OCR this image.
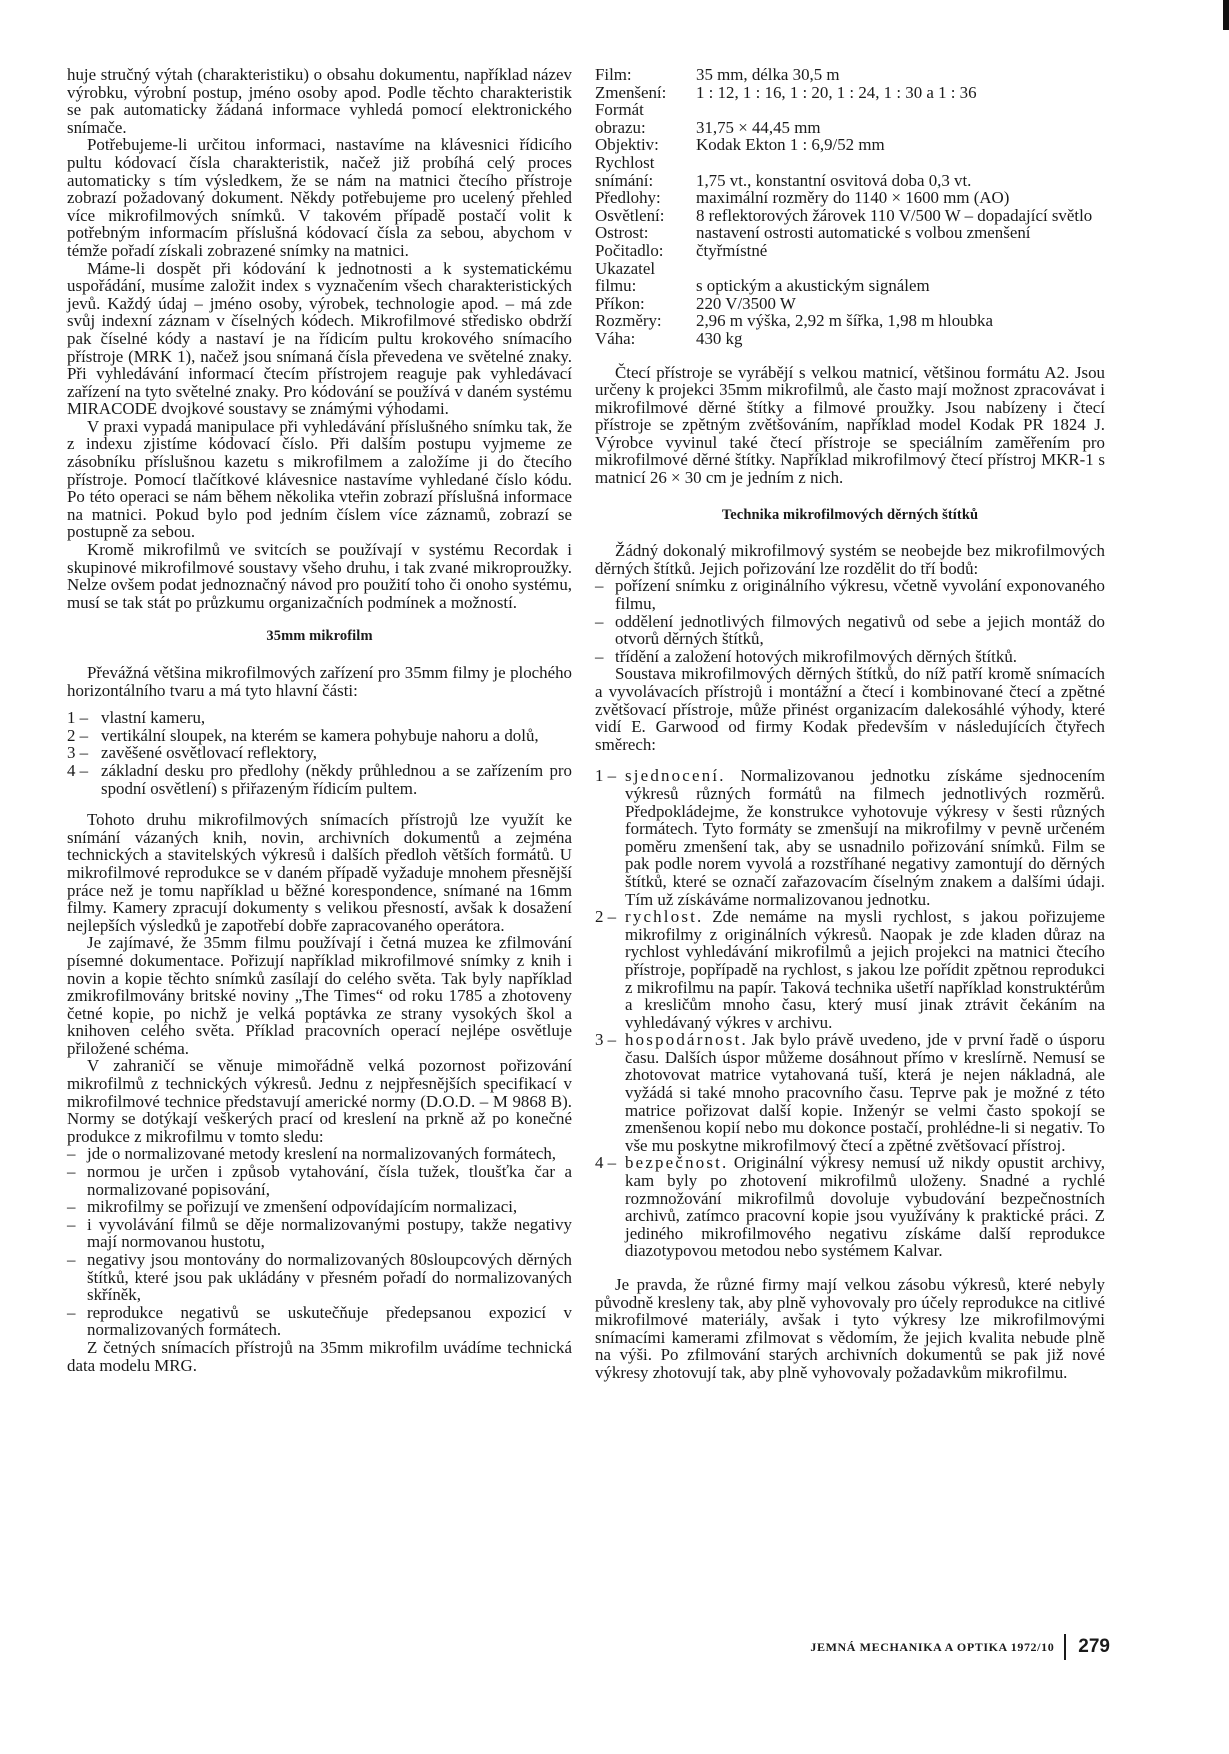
huje stručný výtah (charakteristiku) o obsahu dokumentu, například název výrobku, výrobní postup, jméno osoby apod. Podle těchto charakteristik se pak automaticky žádaná informace vyhledá pomocí elektronického snímače.

Potřebujeme-li určitou informaci, nastavíme na klávesnici řídicího pultu kódovací čísla charakteristik, načež již probíhá celý proces automaticky s tím výsledkem, že se nám na matnici čtecího přístroje zobrazí požadovaný dokument. Někdy potřebujeme pro ucelený přehled více mikrofilmových snímků. V takovém případě postačí volit k potřebným informacím příslušná kódovací čísla za sebou, abychom v témže pořadí získali zobrazené snímky na matnici.

Máme-li dospět při kódování k jednotnosti a k systematickému uspořádání, musíme založit index s vyznačením všech charakteristických jevů. Každý údaj – jméno osoby, výrobek, technologie apod. – má zde svůj indexní záznam v číselných kódech. Mikrofilmové středisko obdrží pak číselné kódy a nastaví je na řídicím pultu krokového snímacího přístroje (MRK 1), načež jsou snímaná čísla převedena ve světelné znaky. Při vyhledávání informací čtecím přístrojem reaguje pak vyhledávací zařízení na tyto světelné znaky. Pro kódování se používá v daném systému MIRACODE dvojkové soustavy se známými výhodami.

V praxi vypadá manipulace při vyhledávání příslušného snímku tak, že z indexu zjistíme kódovací číslo. Při dalším postupu vyjmeme ze zásobníku příslušnou kazetu s mikrofilmem a založíme ji do čtecího přístroje. Pomocí tlačítkové klávesnice nastavíme vyhledané číslo kódu. Po této operaci se nám během několika vteřin zobrazí příslušná informace na matnici. Pokud bylo pod jedním číslem více záznamů, zobrazí se postupně za sebou.

Kromě mikrofilmů ve svitcích se používají v systému Recordak i skupinové mikrofilmové soustavy všeho druhu, i tak zvané mikroproužky. Nelze ovšem podat jednoznačný návod pro použití toho či onoho systému, musí se tak stát po průzkumu organizačních podmínek a možností.

35mm mikrofilm

Převážná většina mikrofilmových zařízení pro 35mm filmy je plochého horizontálního tvaru a má tyto hlavní části:

1 – vlastní kameru,
2 – vertikální sloupek, na kterém se kamera pohybuje nahoru a dolů,
3 – zavěšené osvětlovací reflektory,
4 – základní desku pro předlohy (někdy průhlednou a se zařízením pro spodní osvětlení) s přiřazeným řídicím pultem.

Tohoto druhu mikrofilmových snímacích přístrojů lze využít ke snímání vázaných knih, novin, archivních dokumentů a zejména technických a stavitelských výkresů i dalších předloh větších formátů. U mikrofilmové reprodukce se v daném případě vyžaduje mnohem přesnější práce než je tomu například u běžné korespondence, snímané na 16mm filmy. Kamery zpracují dokumenty s velikou přesností, avšak k dosažení nejlepších výsledků je zapotřebí dobře zapracovaného operátora.

Je zajímavé, že 35mm filmu používají i četná muzea ke zfilmování písemné dokumentace. Pořizují například mikrofilmové snímky z knih i novin a kopie těchto snímků zasílají do celého světa. Tak byly například zmikrofilmovány britské noviny „The Times“ od roku 1785 a zhotoveny četné kopie, po nichž je velká poptávka ze strany vysokých škol a knihoven celého světa. Příklad pracovních operací nejlépe osvětluje přiložené schéma.

V zahraničí se věnuje mimořádně velká pozornost pořizování mikrofilmů z technických výkresů. Jednu z nejpřesnějších specifikací v mikrofilmové technice představují americké normy (D.O.D. – M 9868 B). Normy se dotýkají veškerých prací od kreslení na prkně až po konečné produkce z mikrofilmu v tomto sledu:

– jde o normalizované metody kreslení na normalizovaných formátech,
– normou je určen i způsob vytahování, čísla tužek, tloušťka čar a normalizované popisování,
– mikrofilmy se pořizují ve zmenšení odpovídajícím normalizaci,
– i vyvolávání filmů se děje normalizovanými postupy, takže negativy mají normovanou hustotu,
– negativy jsou montovány do normalizovaných 80sloupcových děrných štítků, které jsou pak ukládány v přesném pořadí do normalizovaných skříněk,
– reprodukce negativů se uskutečňuje předepsanou expozicí v normalizovaných formátech.

Z četných snímacích přístrojů na 35mm mikrofilm uvádíme technická data modelu MRG.

Film:	35 mm, délka 30,5 m
Zmenšení:	1 : 12, 1 : 16, 1 : 20, 1 : 24, 1 : 30 a 1 : 36
Formát	
obrazu:	31,75 × 44,45 mm
Objektiv:	Kodak Ekton 1 : 6,9/52 mm
Rychlost	
snímání:	1,75 vt., konstantní osvitová doba 0,3 vt.
Předlohy:	maximální rozměry do 1140 × 1600 mm (AO)
Osvětlení:	8 reflektorových žárovek 110 V/500 W – dopadající světlo
Ostrost:	nastavení ostrosti automatické s volbou zmenšení
Počitadlo:	čtyřmístné
Ukazatel	
filmu:	s optickým a akustickým signálem
Příkon:	220 V/3500 W
Rozměry:	2,96 m výška, 2,92 m šířka, 1,98 m hloubka
Váha:	430 kg

Čtecí přístroje se vyrábějí s velkou matnicí, většinou formátu A2. Jsou určeny k projekci 35mm mikrofilmů, ale často mají možnost zpracovávat i mikrofilmové děrné štítky a filmové proužky. Jsou nabízeny i čtecí přístroje se zpětným zvětšováním, například model Kodak PR 1824 J. Výrobce vyvinul také čtecí přístroje se speciálním zaměřením pro mikrofilmové děrné štítky. Například mikrofilmový čtecí přístroj MKR-1 s matnicí 26 × 30 cm je jedním z nich.

Technika mikrofilmových děrných štítků

Žádný dokonalý mikrofilmový systém se neobejde bez mikrofilmových děrných štítků. Jejich pořizování lze rozdělit do tří bodů:

– pořízení snímku z originálního výkresu, včetně vyvolání exponovaného filmu,
– oddělení jednotlivých filmových negativů od sebe a jejich montáž do otvorů děrných štítků,
– třídění a založení hotových mikrofilmových děrných štítků.

Soustava mikrofilmových děrných štítků, do níž patří kromě snímacích a vyvolávacích přístrojů i montážní a čtecí i kombinované čtecí a zpětné zvětšovací přístroje, může přinést organizacím dalekosáhlé výhody, které vidí E. Garwood od firmy Kodak především v následujících čtyřech směrech:

1 – sjednocení. Normalizovanou jednotku získáme sjednocením výkresů různých formátů na filmech jednotlivých rozměrů. Předpokládejme, že konstrukce vyhotovuje výkresy v šesti různých formátech. Tyto formáty se zmenšují na mikrofilmy v pevně určeném poměru zmenšení tak, aby se usnadnilo pořizování snímků. Film se pak podle norem vyvolá a rozstříhané negativy zamontují do děrných štítků, které se označí zařazovacím číselným znakem a dalšími údaji. Tím už získáváme normalizovanou jednotku.
2 – rychlost. Zde nemáme na mysli rychlost, s jakou pořizujeme mikrofilmy z originálních výkresů. Naopak je zde kladen důraz na rychlost vyhledávání mikrofilmů a jejich projekci na matnici čtecího přístroje, popřípadě na rychlost, s jakou lze pořídit zpětnou reprodukci z mikrofilmu na papír. Taková technika ušetří například konstruktérům a kresličům mnoho času, který musí jinak ztrávit čekáním na vyhledávaný výkres v archivu.
3 – hospodárnost. Jak bylo právě uvedeno, jde v první řadě o úsporu času. Dalších úspor můžeme dosáhnout přímo v kreslírně. Nemusí se zhotovovat matrice vytahovaná tuší, která je nejen nákladná, ale vyžádá si také mnoho pracovního času. Teprve pak je možné z této matrice pořizovat další kopie. Inženýr se velmi často spokojí se zmenšenou kopií nebo mu dokonce postačí, prohlédne-li si negativ. To vše mu poskytne mikrofilmový čtecí a zpětné zvětšovací přístroj.
4 – bezpečnost. Originální výkresy nemusí už nikdy opustit archivy, kam byly po zhotovení mikrofilmů uloženy. Snadné a rychlé rozmnožování mikrofilmů dovoluje vybudování bezpečnostních archivů, zatímco pracovní kopie jsou využívány k praktické práci. Z jediného mikrofilmového negativu získáme další reprodukce diazotypovou metodou nebo systémem Kalvar.

Je pravda, že různé firmy mají velkou zásobu výkresů, které nebyly původně kresleny tak, aby plně vyhovovaly pro účely reprodukce na citlivé mikrofilmové materiály, avšak i tyto výkresy lze mikrofilmovými snímacími kamerami zfilmovat s vědomím, že jejich kvalita nebude plně na výši. Po zfilmování starých archivních dokumentů se pak již nové výkresy zhotovují tak, aby plně vyhovovaly požadavkům mikrofilmu.

JEMNÁ MECHANIKA A OPTIKA 1972/10 279
